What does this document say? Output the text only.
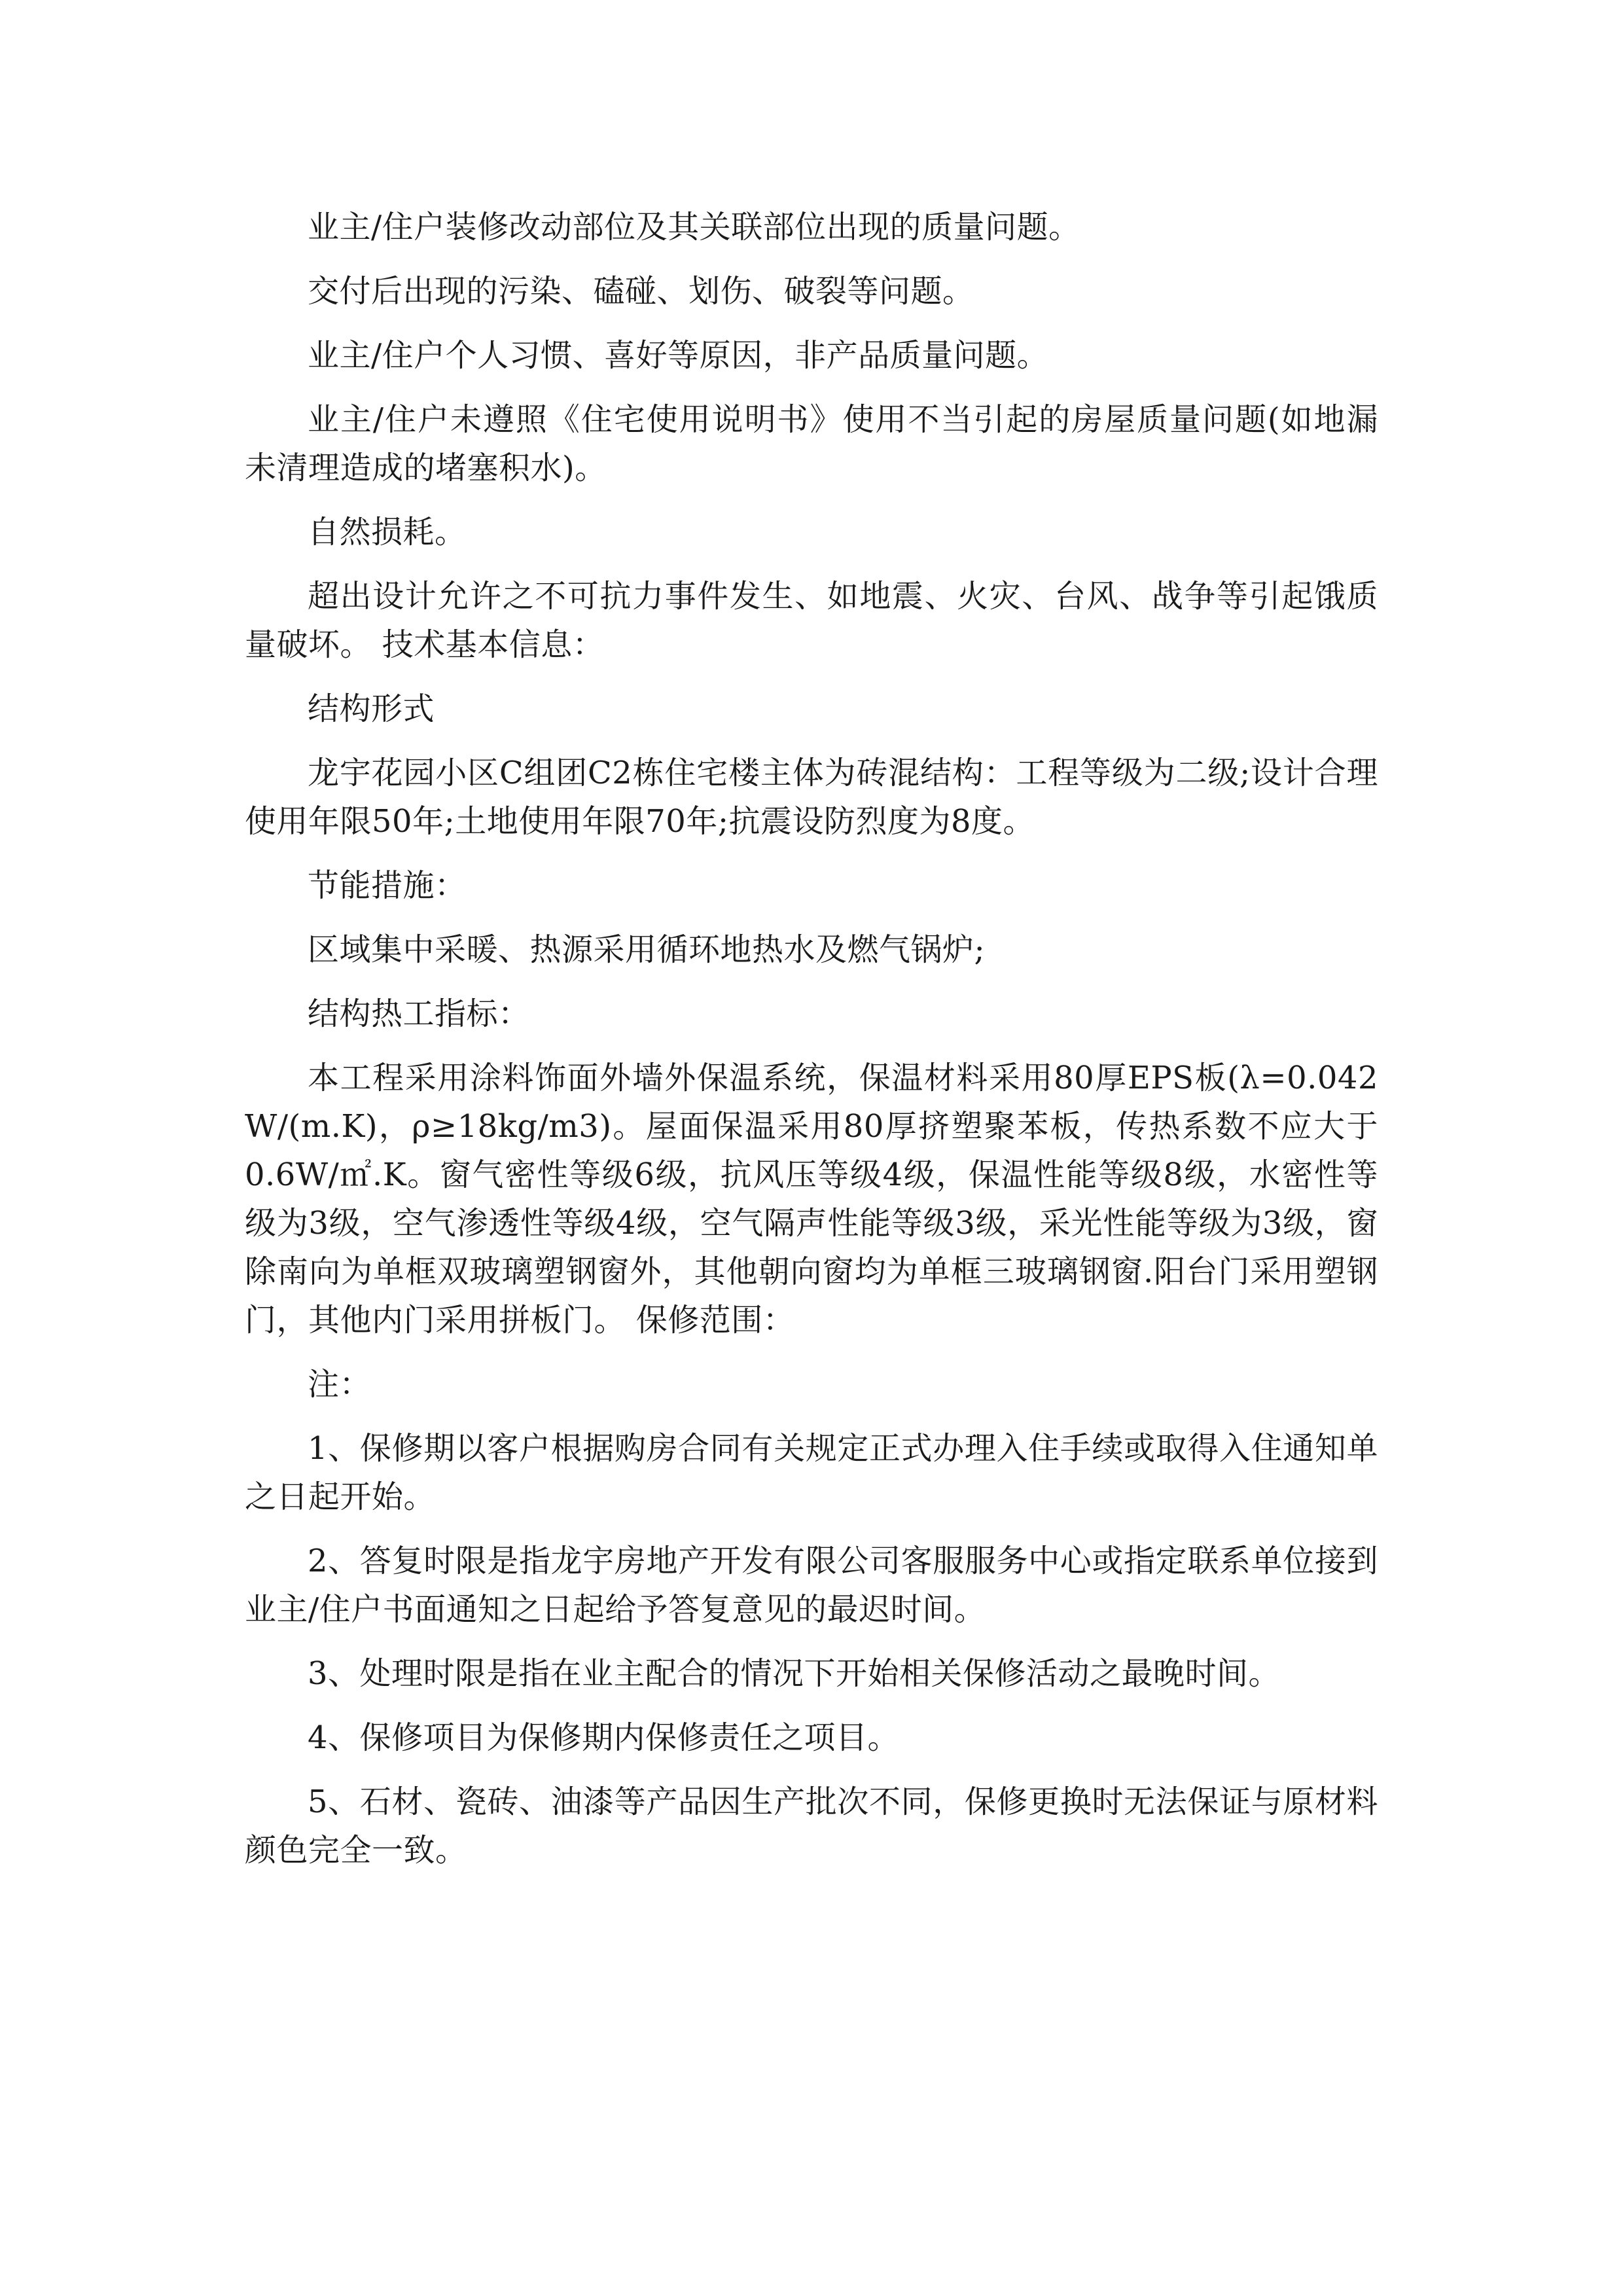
业主/住户装修改动部位及其关联部位出现的质量问题。

交付后出现的污染、磕碰、划伤、破裂等问题。

业主/住户个人习惯、喜好等原因，非产品质量问题。

业主/住户未遵照《住宅使用说明书》使用不当引起的房屋质量问题(如地漏未清理造成的堵塞积水)。

自然损耗。

超出设计允许之不可抗力事件发生、如地震、火灾、台风、战争等引起饿质量破坏。 技术基本信息：

结构形式

龙宇花园小区C组团C2栋住宅楼主体为砖混结构：工程等级为二级;设计合理使用年限50年;土地使用年限70年;抗震设防烈度为8度。

节能措施：

区域集中采暖、热源采用循环地热水及燃气锅炉;

结构热工指标：

本工程采用涂料饰面外墙外保温系统，保温材料采用80厚EPS板(λ=0.042W/(m.K)，ρ≥18kg/m3)。屋面保温采用80厚挤塑聚苯板，传热系数不应大于0.6W/㎡.K。窗气密性等级6级，抗风压等级4级，保温性能等级8级，水密性等级为3级，空气渗透性等级4级，空气隔声性能等级3级，采光性能等级为3级，窗除南向为单框双玻璃塑钢窗外，其他朝向窗均为单框三玻璃钢窗.阳台门采用塑钢门，其他内门采用拼板门。 保修范围：

注：

1、保修期以客户根据购房合同有关规定正式办理入住手续或取得入住通知单之日起开始。

2、答复时限是指龙宇房地产开发有限公司客服服务中心或指定联系单位接到业主/住户书面通知之日起给予答复意见的最迟时间。

3、处理时限是指在业主配合的情况下开始相关保修活动之最晚时间。

4、保修项目为保修期内保修责任之项目。

5、石材、瓷砖、油漆等产品因生产批次不同，保修更换时无法保证与原材料颜色完全一致。
